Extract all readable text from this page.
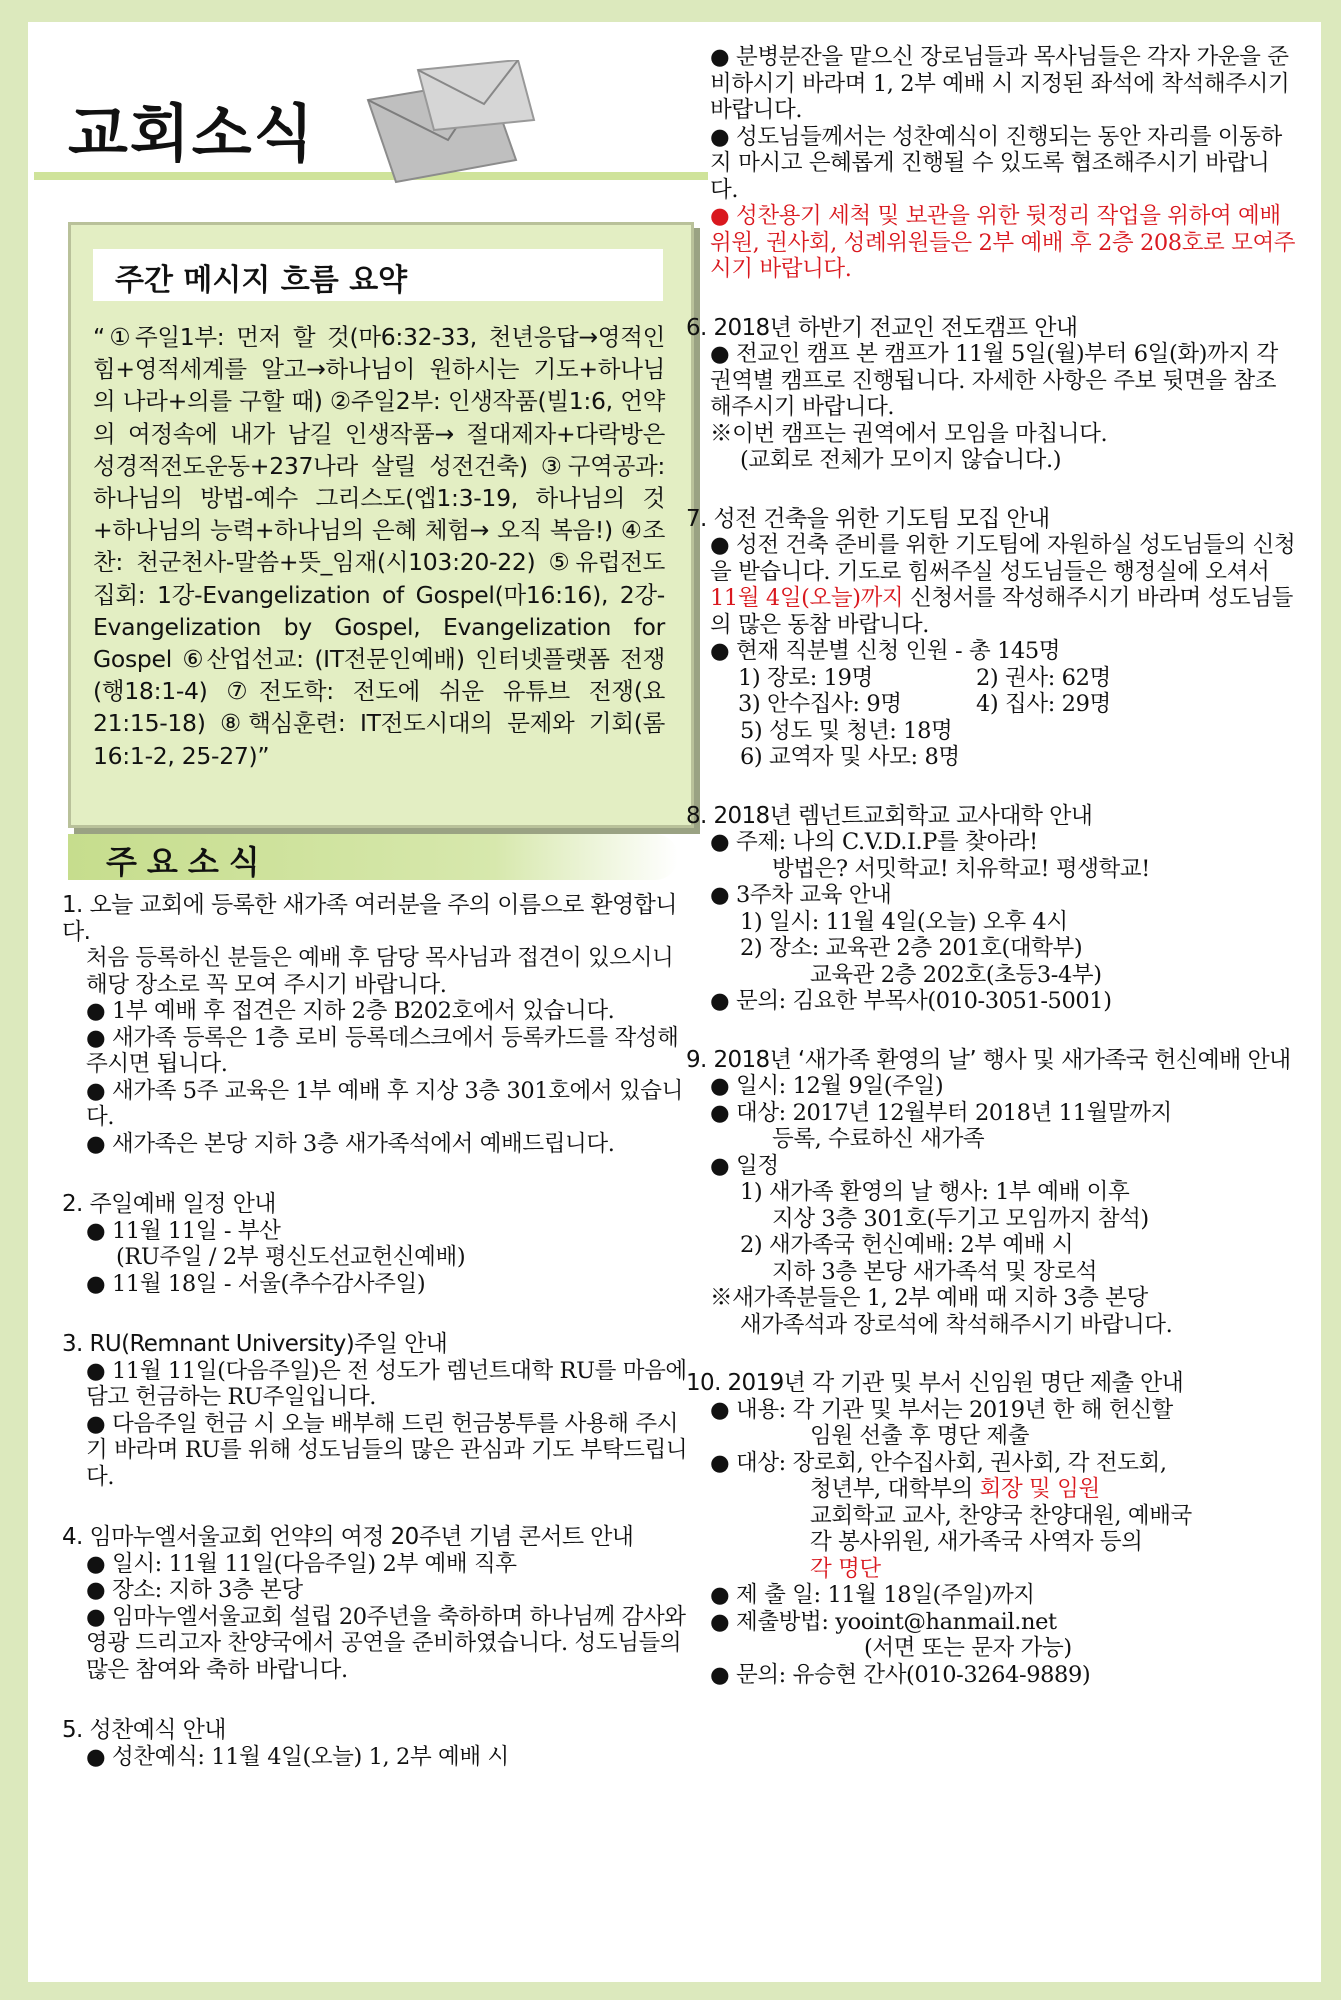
교회소식
주간 메시지 흐름 요약
“①주일1부: 먼저 할 것(마6:32-33, 천년응답→영적인 힘+영적세계를 알고→하나님이 원하시는 기도+하나님의 나라+의를 구할 때) ②주일2부: 인생작품(빌1:6, 언약의 여정속에 내가 남길 인생작품→ 절대제자+다락방은 성경적전도운동+237나라 살릴 성전건축) ③구역공과: 하나님의 방법-예수 그리스도(엡1:3-19, 하나님의 것+하나님의 능력+하나님의 은혜 체험→ 오직 복음!) ④조찬: 천군천사-말씀+뜻_임재(시103:20-22) ⑤유럽전도집회: 1강-Evangelization of Gospel(마16:16), 2강-Evangelization by Gospel, Evangelization for Gospel ⑥산업선교: (IT전문인예배) 인터넷플랫폼 전쟁(행18:1-4) ⑦전도학: 전도에 쉬운 유튜브 전쟁(요21:15-18) ⑧핵심훈련: IT전도시대의 문제와 기회(롬16:1-2, 25-27)”
주요소식
1. 오늘 교회에 등록한 새가족 여러분을 주의 이름으로 환영합니다.
처음 등록하신 분들은 예배 후 담당 목사님과 접견이 있으시니 해당 장소로 꼭 모여 주시기 바랍니다.
● 1부 예배 후 접견은 지하 2층 B202호에서 있습니다.
● 새가족 등록은 1층 로비 등록데스크에서 등록카드를 작성해 주시면 됩니다.
● 새가족 5주 교육은 1부 예배 후 지상 3층 301호에서 있습니다.
● 새가족은 본당 지하 3층 새가족석에서 예배드립니다.
2. 주일예배 일정 안내
● 11월 11일 - 부산
(RU주일 / 2부 평신도선교헌신예배)
● 11월 18일 - 서울(추수감사주일)
3. RU(Remnant University)주일 안내
● 11월 11일(다음주일)은 전 성도가 렘넌트대학 RU를 마음에 담고 헌금하는 RU주일입니다.
● 다음주일 헌금 시 오늘 배부해 드린 헌금봉투를 사용해 주시기 바라며 RU를 위해 성도님들의 많은 관심과 기도 부탁드립니다.
4. 임마누엘서울교회 언약의 여정 20주년 기념 콘서트 안내
● 일시: 11월 11일(다음주일) 2부 예배 직후
● 장소: 지하 3층 본당
● 임마누엘서울교회 설립 20주년을 축하하며 하나님께 감사와 영광 드리고자 찬양국에서 공연을 준비하였습니다. 성도님들의 많은 참여와 축하 바랍니다.
5. 성찬예식 안내
● 성찬예식: 11월 4일(오늘) 1, 2부 예배 시
● 분병분잔을 맡으신 장로님들과 목사님들은 각자 가운을 준비하시기 바라며 1, 2부 예배 시 지정된 좌석에 착석해주시기 바랍니다.
● 성도님들께서는 성찬예식이 진행되는 동안 자리를 이동하지 마시고 은혜롭게 진행될 수 있도록 협조해주시기 바랍니다.
● 성찬용기 세척 및 보관을 위한 뒷정리 작업을 위하여 예배위원, 권사회, 성례위원들은 2부 예배 후 2층 208호로 모여주시기 바랍니다.
6. 2018년 하반기 전교인 전도캠프 안내
● 전교인 캠프 본 캠프가 11월 5일(월)부터 6일(화)까지 각 권역별 캠프로 진행됩니다. 자세한 사항은 주보 뒷면을 참조해주시기 바랍니다.
※이번 캠프는 권역에서 모임을 마칩니다.
(교회로 전체가 모이지 않습니다.)
7. 성전 건축을 위한 기도팀 모집 안내
● 성전 건축 준비를 위한 기도팀에 자원하실 성도님들의 신청을 받습니다. 기도로 힘써주실 성도님들은 행정실에 오셔서 11월 4일(오늘)까지 신청서를 작성해주시기 바라며 성도님들의 많은 동참 바랍니다.
● 현재 직분별 신청 인원 - 총 145명
1) 장로: 19명	2) 권사: 62명
3) 안수집사: 9명	4) 집사: 29명
5) 성도 및 청년: 18명
6) 교역자 및 사모: 8명
8. 2018년 렘넌트교회학교 교사대학 안내
● 주제: 나의 C.V.D.I.P를 찾아라!
방법은? 서밋학교! 치유학교! 평생학교!
● 3주차 교육 안내
1) 일시: 11월 4일(오늘) 오후 4시
2) 장소: 교육관 2층 201호(대학부)
교육관 2층 202호(초등3-4부)
● 문의: 김요한 부목사(010-3051-5001)
9. 2018년 ‘새가족 환영의 날’ 행사 및 새가족국 헌신예배 안내
● 일시: 12월 9일(주일)
● 대상: 2017년 12월부터 2018년 11월말까지
등록, 수료하신 새가족
● 일정
1) 새가족 환영의 날 행사: 1부 예배 이후
지상 3층 301호(두기고 모임까지 참석)
2) 새가족국 헌신예배: 2부 예배 시
지하 3층 본당 새가족석 및 장로석
※새가족분들은 1, 2부 예배 때 지하 3층 본당
새가족석과 장로석에 착석해주시기 바랍니다.
10. 2019년 각 기관 및 부서 신임원 명단 제출 안내
● 내용: 각 기관 및 부서는 2019년 한 해 헌신할
임원 선출 후 명단 제출
● 대상: 장로회, 안수집사회, 권사회, 각 전도회,
청년부, 대학부의 회장 및 임원
교회학교 교사, 찬양국 찬양대원, 예배국
각 봉사위원, 새가족국 사역자 등의
각 명단
● 제 출 일: 11월 18일(주일)까지
● 제출방법: yooint@hanmail.net
(서면 또는 문자 가능)
● 문의: 유승현 간사(010-3264-9889)
